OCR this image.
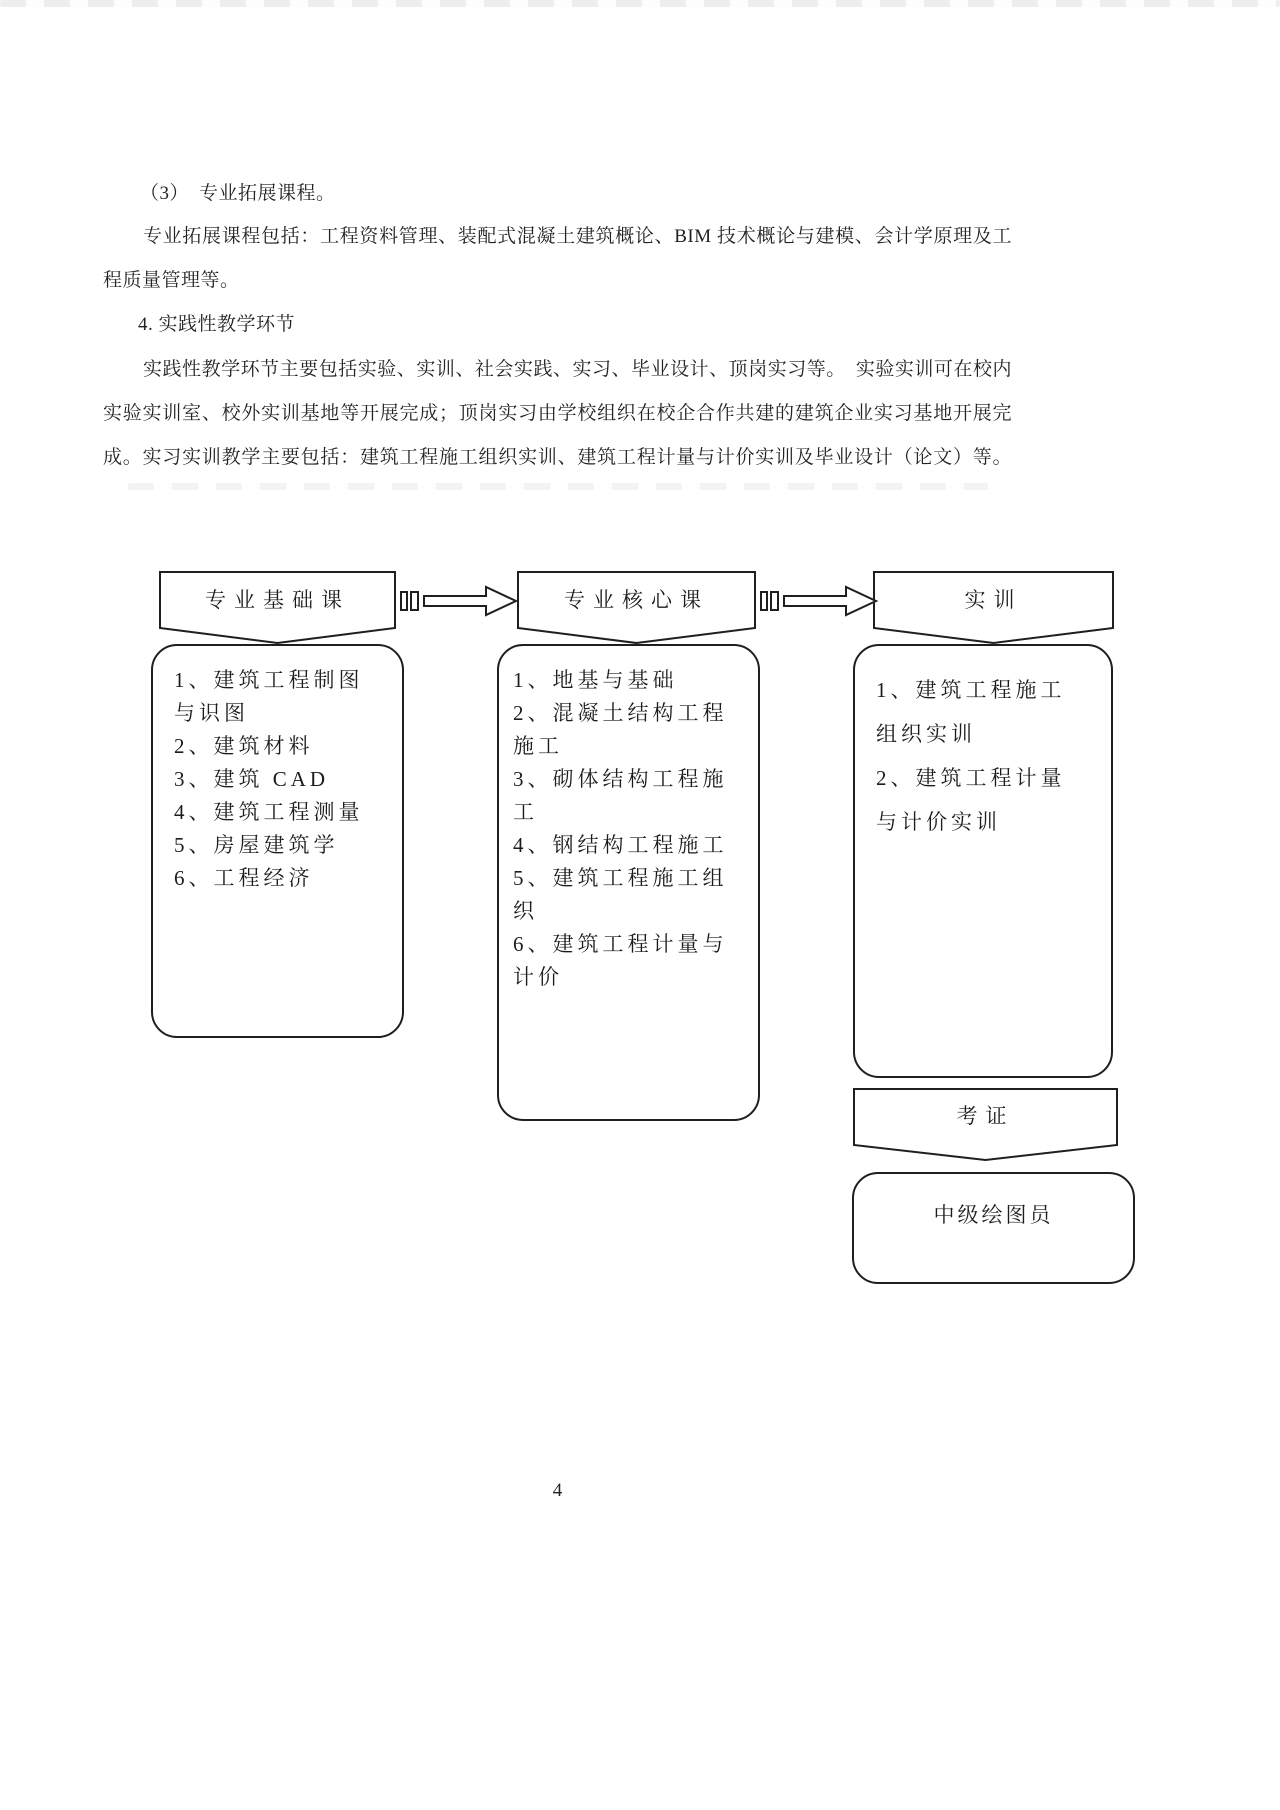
（3）　专业拓展课程。
专业拓展课程包括：工程资料管理、装配式混凝土建筑概论、BIM 技术概论与建模、会计学原理及工
程质量管理等。
4. 实践性教学环节
实践性教学环节主要包括实验、实训、社会实践、实习、毕业设计、顶岗实习等。　实验实训可在校内
实验实训室、校外实训基地等开展完成；顶岗实习由学校组织在校企合作共建的建筑企业实习基地开展完
成。实习实训教学主要包括：建筑工程施工组织实训、建筑工程计量与计价实训及毕业设计（论文）等。
专业基础课	专业核心课	实训
1、建筑工程制图
与识图
2、建筑材料
3、建筑 CAD
4、建筑工程测量
5、房屋建筑学
6、工程经济
1、地基与基础
2、混凝土结构工程
施工
3、砌体结构工程施
工
4、钢结构工程施工
5、建筑工程施工组
织
6、建筑工程计量与
计价
1、建筑工程施工
组织实训
2、建筑工程计量
与计价实训
考证
中级绘图员
4
